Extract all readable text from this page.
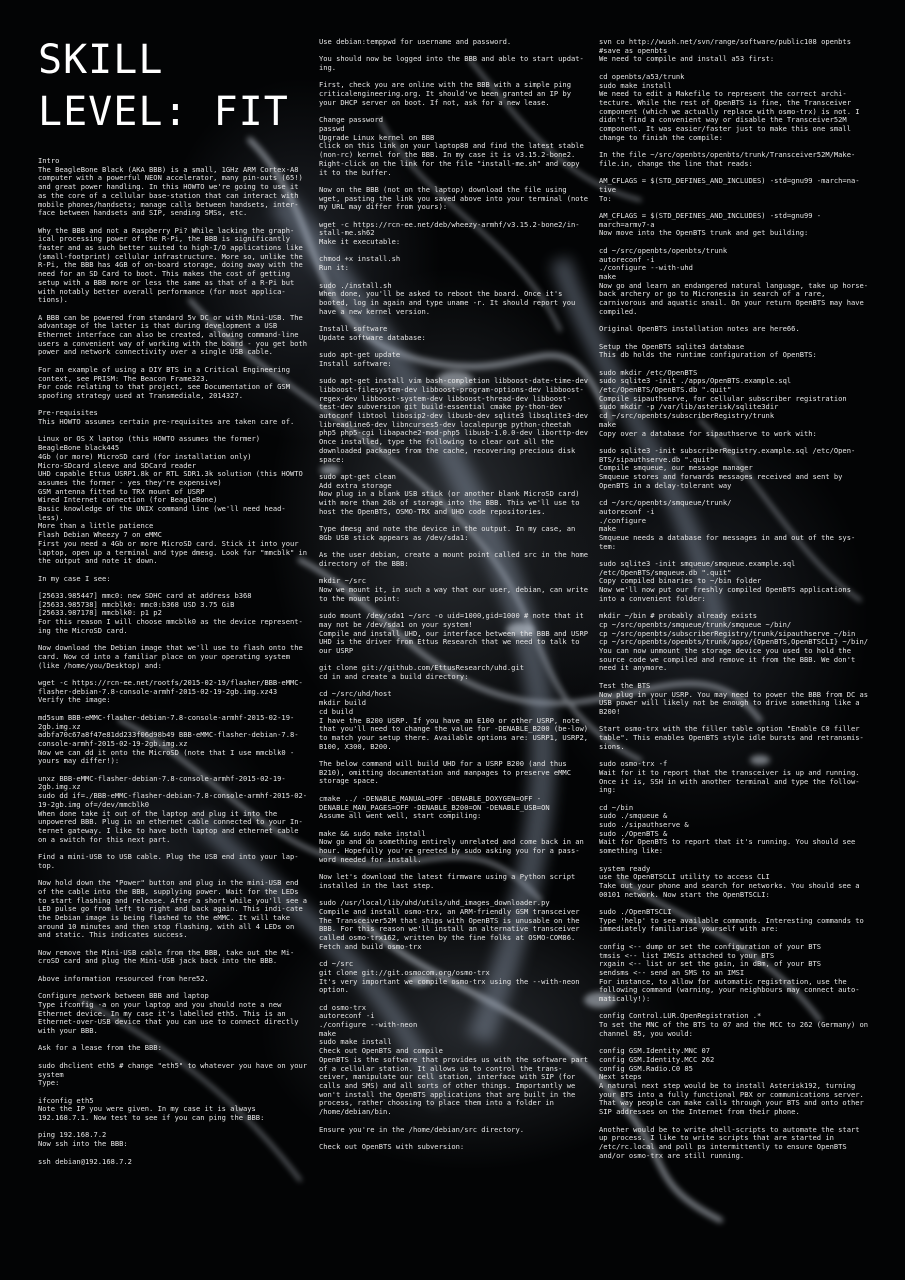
SKILL
LEVEL: FIT

Intro
The BeagleBone Black (AKA BBB) is a small, 1GHz ARM Cortex-A8 computer with a powerful NEON accelerator, many pin-outs (65!) and great power handling. In this HOWTO we're going to use it as the core of a cellular base-station that can interact with mobile phones/handsets; manage calls between handsets, inter-face between handsets and SIP, sending SMSs, etc.

Why the BBB and not a Raspberry Pi? While lacking the graph-ical processing power of the R-Pi, the BBB is significantly faster and as such better suited to high-I/O applications like (small-footprint) cellular infrastructure. More so, unlike the R-Pi, the BBB has 4GB of on-board storage, doing away with the need for an SD Card to boot. This makes the cost of getting setup with a BBB more or less the same as that of a R-Pi but with notably better overall performance (for most applica-tions).

A BBB can be powered from standard 5v DC or with Mini-USB. The advantage of the latter is that during development a USB Ethernet interface can also be created, allowing command-line users a convenient way of working with the board - you get both power and network connectivity over a single USB cable.

For an example of using a DIY BTS in a Critical Engineering context, see PRISM: The Beacon Frame323.
For code relating to that project, see Documentation of GSM spoofing strategy used at Transmediale, 2014327.

Pre-requisites
This HOWTO assumes certain pre-requisites are taken care of.

Linux or OS X laptop (this HOWTO assumes the former)
BeagleBone black445
4Gb (or more) MicroSD card (for installation only)
Micro-SDcard sleeve and SDCard reader
UHD capable Ettus USRP1.8k or RTL SDR1.3k solution (this HOWTO assumes the former - yes they're expensive)
GSM antenna fitted to TRX mount of USRP
Wired Internet connection (for BeagleBone)
Basic knowledge of the UNIX command line (we'll need head-less).
More than a little patience
Flash Debian Wheezy 7 on eMMC
First you need a 4Gb or more MicroSD card. Stick it into your laptop, open up a terminal and type dmesg. Look for "mmcblk" in the output and note it down.

In my case I see:

[25633.985447] mmc0: new SDHC card at address b368
[25633.985738] mmcblk0: mmc0:b368 USD 3.75 GiB
[25633.987178] mmcblk0: p1 p2
For this reason I will choose mmcblk0 as the device represent-ing the MicroSD card.

Now download the Debian image that we'll use to flash onto the card. Now cd into a familiar place on your operating system (like /home/you/Desktop) and:

wget -c https://rcn-ee.net/rootfs/2015-02-19/flasher/BBB-eMMC-flasher-debian-7.8-console-armhf-2015-02-19-2gb.img.xz43
Verify the image:

md5sum BBB-eMMC-flasher-debian-7.8-console-armhf-2015-02-19-2gb.img.xz
adbfa70c67a8f47e81dd233f06d98b49 BBB-eMMC-flasher-debian-7.8-console-armhf-2015-02-19-2gb.img.xz
Now we can dd it onto the MicroSD (note that I use mmcblk0 - yours may differ!):

unxz BBB-eMMC-flasher-debian-7.8-console-armhf-2015-02-19-2gb.img.xz
sudo dd if=./BBB-eMMC-flasher-debian-7.8-console-armhf-2015-02-19-2gb.img of=/dev/mmcblk0
When done take it out of the laptop and plug it into the unpowered BBB. Plug in an ethernet cable connected to your In-ternet gateway. I like to have both laptop and ethernet cable on a switch for this next part.

Find a mini-USB to USB cable. Plug the USB end into your lap-top.

Now hold down the "Power" button and plug in the mini-USB end of the cable into the BBB, supplying power. Wait for the LEDs to start flashing and release. After a short while you'll see a LED pulse go from left to right and back again. This indi-cate the Debian image is being flashed to the eMMC. It will take around 10 minutes and then stop flashing, with all 4 LEDs on and static. This indicates success.

Now remove the Mini-USB cable from the BBB, take out the Mi-croSD card and plug the Mini-USB jack back into the BBB.

Above information resourced from here52.

Configure network between BBB and laptop
Type ifconfig -a on your laptop and you should note a new Ethernet device. In my case it's labelled eth5. This is an Ethernet-over-USB device that you can use to connect directly with your BBB.

Ask for a lease from the BBB:

sudo dhclient eth5 # change "eth5" to whatever you have on your system
Type:

ifconfig eth5
Note the IP you were given. In my case it is always 192.168.7.1. Now test to see if you can ping the BBB:

ping 192.168.7.2
Now ssh into the BBB:

ssh debian@192.168.7.2

Use debian:temppwd for username and password.

You should now be logged into the BBB and able to start updat-ing.

First, check you are online with the BBB with a simple ping criticalengineering.org. It should've been granted an IP by your DHCP server on boot. If not, ask for a new lease.

Change password
passwd
Upgrade Linux kernel on BBB
Click on this link on your laptop88 and find the latest stable (non-rc) kernel for the BBB. In my case it is v3.15.2-bone2. Right-click on the link for the file "install-me.sh" and copy it to the buffer.

Now on the BBB (not on the laptop) download the file using wget, pasting the link you saved above into your terminal (note my URL may differ from yours):

wget -c https://rcn-ee.net/deb/wheezy-armhf/v3.15.2-bone2/in-stall-me.sh62
Make it executable:

chmod +x install.sh
Run it:

sudo ./install.sh
When done, you'll be asked to reboot the board. Once it's booted, log in again and type uname -r. It should report you have a new kernel version.

Install software
Update software database:

sudo apt-get update
Install software:

sudo apt-get install vim bash-completion libboost-date-time-dev libboost-filesystem-dev libboost-program-options-dev libboost-regex-dev libboost-system-dev libboost-thread-dev libboost-test-dev subversion git build-essential cmake py-thon-dev autoconf libtool libosip2-dev libusb-dev sqlite3 libsqlite3-dev libreadline6-dev libncurses5-dev localepurge python-cheetah php5 php5-cgi libapache2-mod-php5 libusb-1.0.0-dev liborttp-dev
Once installed, type the following to clear out all the downloaded packages from the cache, recovering precious disk space:

sudo apt-get clean
Add extra storage
Now plug in a blank USB stick (or another blank MicroSD card) with more than 2Gb of storage into the BBB. This we'll use to host the OpenBTS, OSMO-TRX and UHD code repositories.

Type dmesg and note the device in the output. In my case, an 8Gb USB stick appears as /dev/sda1:

As the user debian, create a mount point called src in the home directory of the BBB:

mkdir ~/src
Now we mount it, in such a way that our user, debian, can write to the mount point:

sudo mount /dev/sda1 ~/src -o uid=1000,gid=1000 # note that it may not be /dev/sda1 on your system!
Compile and install UHD, our interface between the BBB and USRP
UHD is the driver from Ettus Research that we need to talk to our USRP

git clone git://github.com/EttusResearch/uhd.git
cd in and create a build directory:

cd ~/src/uhd/host
mkdir build
cd build
I have the B200 USRP. If you have an E100 or other USRP, note that you'll need to change the value for -DENABLE_B200 (be-low) to match your setup there. Available options are: USRP1, USRP2, B100, X300, B200.

The below command will build UHD for a USRP B200 (and thus B210), omitting documentation and manpages to preserve eMMC storage space.

cmake ../ -DENABLE_MANUAL=OFF -DENABLE_DOXYGEN=OFF -DENABLE_MAN_PAGES=OFF -DENABLE_B200=ON -DENABLE_USB=ON
Assume all went well, start compiling:

make && sudo make install
Now go and do something entirely unrelated and come back in an hour. Hopefully you're greeted by sudo asking you for a pass-word needed for install.

Now let's download the latest firmware using a Python script installed in the last step.

sudo /usr/local/lib/uhd/utils/uhd_images_downloader.py
Compile and install osmo-trx, an ARM-friendly GSM transceiver The Transceiver52M that ships with OpenBTS is unusable on the BBB. For this reason we'll install an alternative transceiver called osmo-trx162, written by the fine folks at OSMO-COM86. Fetch and build osmo-trx

cd ~/src
git clone git://git.osmocom.org/osmo-trx
It's very important we compile osmo-trx using the --with-neon option.

cd osmo-trx
autoreconf -i
./configure --with-neon
make
sudo make install
Check out OpenBTS and compile
OpenBTS is the software that provides us with the software part of a cellular station. It allows us to control the trans-ceiver, manipulate our cell station, interface with SIP (for calls and SMS) and all sorts of other things. Importantly we won't install the OpenBTS applications that are built in the process, rather choosing to place them into a folder in /home/debian/bin.

Ensure you're in the /home/debian/src directory.

Check out OpenBTS with subversion:

svn co http://wush.net/svn/range/software/public108 openbts
#save as openbts
We need to compile and install a53 first:

cd openbts/a53/trunk
sudo make install
We need to edit a Makefile to represent the correct archi-tecture. While the rest of OpenBTS is fine, the Transceiver component (which we actually replace with osmo-trx) is not. I didn't find a convenient way or disable the Transceiver52M component. It was easier/faster just to make this one small change to finish the compile:

In the file ~/src/openbts/openbts/trunk/Transceiver52M/Make-file.in, change the line that reads:

AM_CFLAGS = $(STD_DEFINES_AND_INCLUDES) -std=gnu99 -march=na-tive
To:

AM_CFLAGS = $(STD_DEFINES_AND_INCLUDES) -std=gnu99 -march=armv7-a
Now move into the OpenBTS trunk and get building:

cd ~/src/openbts/openbts/trunk
autoreconf -i
./configure --with-uhd
make
Now go and learn an endangered natural language, take up horse-back archery or go to Micronesia in search of a rare, carnivorous and aquatic snail. On your return OpenBTS may have compiled.

Original OpenBTS installation notes are here66.

Setup the OpenBTS sqlite3 database
This db holds the runtime configuration of OpenBTS:

sudo mkdir /etc/OpenBTS
sudo sqlite3 -init ./apps/OpenBTS.example.sql /etc/OpenBTS/OpenBTS.db ".quit"
Compile sipauthserve, for cellular subscriber registration
sudo mkdir -p /var/lib/asterisk/sqlite3dir
cd ~/src/openbts/subscriberRegistry/trunk
make
Copy over a database for sipauthserve to work with:

sudo sqlite3 -init subscriberRegistry.example.sql /etc/Open-BTS/sipauthserve.db ".quit"
Compile smqueue, our message manager
Smqueue stores and forwards messages received and sent by OpenBTS in a delay-tolerant way

cd ~/src/openbts/smqueue/trunk/
autoreconf -i
./configure
make
Smqueue needs a database for messages in and out of the sys-tem:

sudo sqlite3 -init smqueue/smqueue.example.sql /etc/OpenBTS/smqueue.db ".quit"
Copy compiled binaries to ~/bin folder
Now we'll now put our freshly compiled OpenBTS applications into a convenient folder:

mkdir ~/bin # probably already exists
cp ~/src/openbts/smqueue/trunk/smqueue ~/bin/
cp ~/src/openbts/subscriberRegistry/trunk/sipauthserve ~/bin
cp ~/src/openbts/openbts/trunk/apps/{OpenBTS,OpenBTSCLI} ~/bin/
You can now unmount the storage device you used to hold the source code we compiled and remove it from the BBB. We don't need it anymore.

Test the BTS
Now plug in your USRP. You may need to power the BBB from DC as USB power will likely not be enough to drive something like a B200!

Start osmo-trx with the filler table option "Enable C0 filler table". This enables OpenBTS style idle bursts and retransmis-sions.

sudo osmo-trx -f
Wait for it to report that the transceiver is up and running. Once it is, SSH in with another terminal and type the follow-ing:

cd ~/bin
sudo ./smqueue &
sudo ./sipauthserve &
sudo ./OpenBTS &
Wait for OpenBTS to report that it's running. You should see something like:

system ready
use the OpenBTSCLI utility to access CLI
Take out your phone and search for networks. You should see a 00101 network. Now start the OpenBTSCLI:

sudo ./OpenBTSCLI
Type 'help' to see available commands. Interesting commands to immediately familiarise yourself with are:

config <-- dump or set the configuration of your BTS
tmsis <-- list IMSIs attached to your BTS
rxgain <-- list or set the gain, in dBm, of your BTS
sendsms <-- send an SMS to an IMSI
For instance, to allow for automatic registration, use the following command (warning, your neighbours may connect auto-matically!):

config Control.LUR.OpenRegistration .*
To set the MNC of the BTS to 07 and the MCC to 262 (Germany) on channel 85, you would:

config GSM.Identity.MNC 07
config GSM.Identity.MCC 262
config GSM.Radio.C0 85
Next steps
A natural next step would be to install Asterisk192, turning your BTS into a fully functional PBX or communications server. That way people can make calls through your BTS and onto other SIP addresses on the Internet from their phone.

Another would be to write shell-scripts to automate the start up process. I like to write scripts that are started in /etc/rc.local and poll ps intermittently to ensure OpenBTS and/or osmo-trx are still running.
